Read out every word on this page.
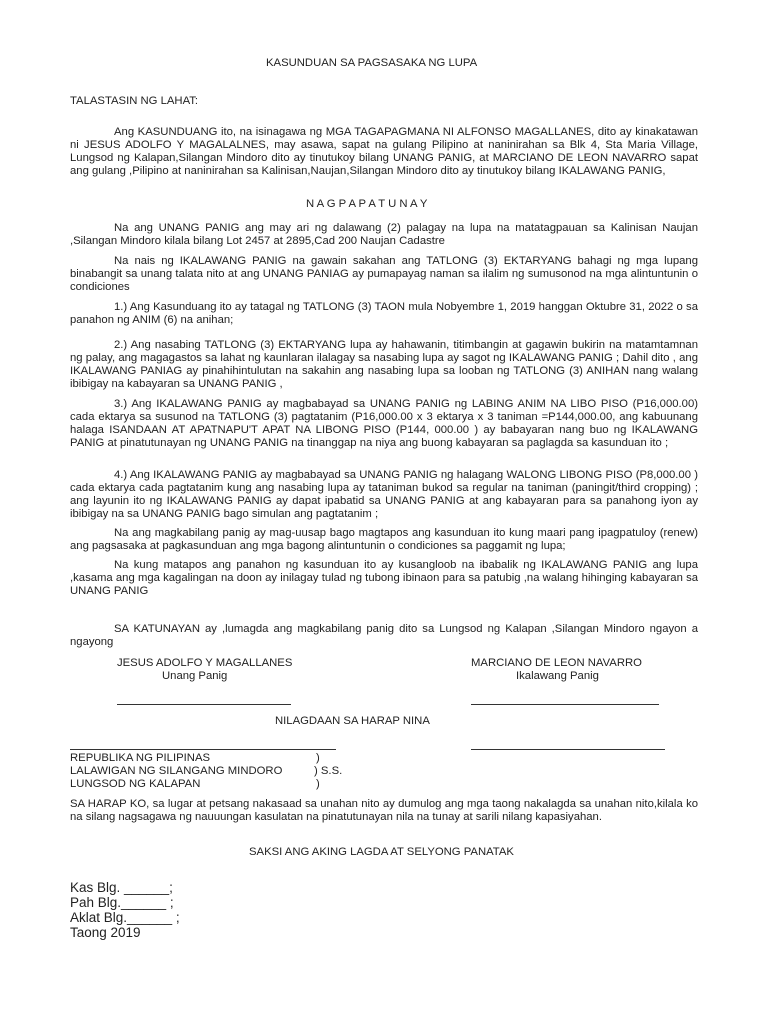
KASUNDUAN SA PAGSASAKA NG LUPA
TALASTASIN NG LAHAT:
Ang KASUNDUANG ito, na isinagawa ng MGA TAGAPAGMANA NI ALFONSO MAGALLANES, dito ay kinakatawan ni JESUS ADOLFO Y MAGALALNES, may asawa, sapat na gulang Pilipino at naninirahan sa Blk 4, Sta Maria Village, Lungsod ng Kalapan,Silangan Mindoro dito ay tinutukoy bilang UNANG PANIG, at MARCIANO DE LEON NAVARRO sapat ang gulang ,Pilipino at naninirahan sa Kalinisan,Naujan,Silangan Mindoro dito ay tinutukoy bilang IKALAWANG PANIG,
N A G P A P A T U N A Y
Na ang UNANG PANIG ang may ari ng dalawang (2) palagay na lupa na matatagpauan sa Kalinisan Naujan ,Silangan Mindoro kilala bilang Lot 2457 at 2895,Cad 200 Naujan Cadastre
Na nais ng IKALAWANG PANIG na gawain sakahan ang TATLONG (3) EKTARYANG bahagi ng mga lupang binabangit sa unang talata nito at ang UNANG PANIAG ay pumapayag naman sa ilalim ng sumusonod na mga alintuntunin o condiciones
1.) Ang Kasunduang ito ay tatagal ng TATLONG (3) TAON mula Nobyembre 1, 2019 hanggan Oktubre 31, 2022 o sa panahon ng ANIM (6) na anihan;
2.) Ang nasabing TATLONG (3) EKTARYANG lupa ay hahawanin, titimbangin at gagawin bukirin na matamtamnan ng palay, ang magagastos sa lahat ng kaunlaran ilalagay sa nasabing lupa ay sagot ng IKALAWANG PANIG ; Dahil dito , ang IKALAWANG PANIAG ay pinahihintulutan na sakahin ang nasabing lupa sa looban ng TATLONG (3) ANIHAN nang walang ibibigay na kabayaran sa UNANG PANIG ,
3.) Ang IKALAWANG PANIG ay magbabayad sa UNANG PANIG ng LABING ANIM NA LIBO PISO (P16,000.00) cada ektarya sa susunod na TATLONG (3) pagtatanim (P16,000.00 x 3 ektarya x 3 taniman =P144,000.00, ang kabuunang halaga ISANDAAN AT APATNAPU'T APAT NA LIBONG PISO (P144, 000.00 ) ay babayaran nang buo ng IKALAWANG PANIG at pinatutunayan ng UNANG PANIG na tinanggap na niya ang buong kabayaran sa paglagda sa kasunduan ito ;
4.) Ang IKALAWANG PANIG ay magbabayad sa UNANG PANIG ng halagang WALONG LIBONG PISO (P8,000.00 ) cada ektarya cada pagtatanim kung ang nasabing lupa ay tataniman bukod sa regular na taniman (paningit/third cropping) ; ang layunin ito ng IKALAWANG PANIG ay dapat ipabatid sa UNANG PANIG at ang kabayaran para sa panahong iyon ay ibibigay na sa UNANG PANIG bago simulan ang pagtatanim ;
Na ang magkabilang panig ay mag-uusap bago magtapos ang kasunduan ito kung maari pang ipagpatuloy (renew) ang pagsasaka at pagkasunduan ang mga bagong alintuntunin o condiciones sa paggamit ng lupa;
Na kung matapos ang panahon ng kasunduan ito ay kusangloob na ibabalik ng IKALAWANG PANIG ang lupa ,kasama ang mga kagalingan na doon ay inilagay tulad ng tubong ibinaon para sa patubig ,na walang hihinging kabayaran sa UNANG PANIG
SA KATUNAYAN ay ,lumagda ang magkabilang panig dito sa Lungsod ng Kalapan ,Silangan Mindoro ngayon a ngayong
JESUS ADOLFO Y MAGALLANES
Unang Panig
MARCIANO DE LEON NAVARRO
Ikalawang Panig
NILAGDAAN SA HARAP NINA
REPUBLIKA NG PILIPINAS
LALAWIGAN NG SILANGANG MINDORO
LUNGSOD NG KALAPAN
)
) S.S.
)
SA HARAP KO, sa lugar at petsang nakasaad sa unahan nito ay dumulog ang mga taong nakalagda sa unahan nito,kilala ko na silang nagsagawa ng nauuungan kasulatan na pinatutunayan nila na tunay at sarili nilang kapasiyahan.
SAKSI ANG AKING LAGDA AT SELYONG PANATAK
Kas Blg. ______;
Pah Blg.______ ;
Aklat Blg.______ ;
Taong 2019
